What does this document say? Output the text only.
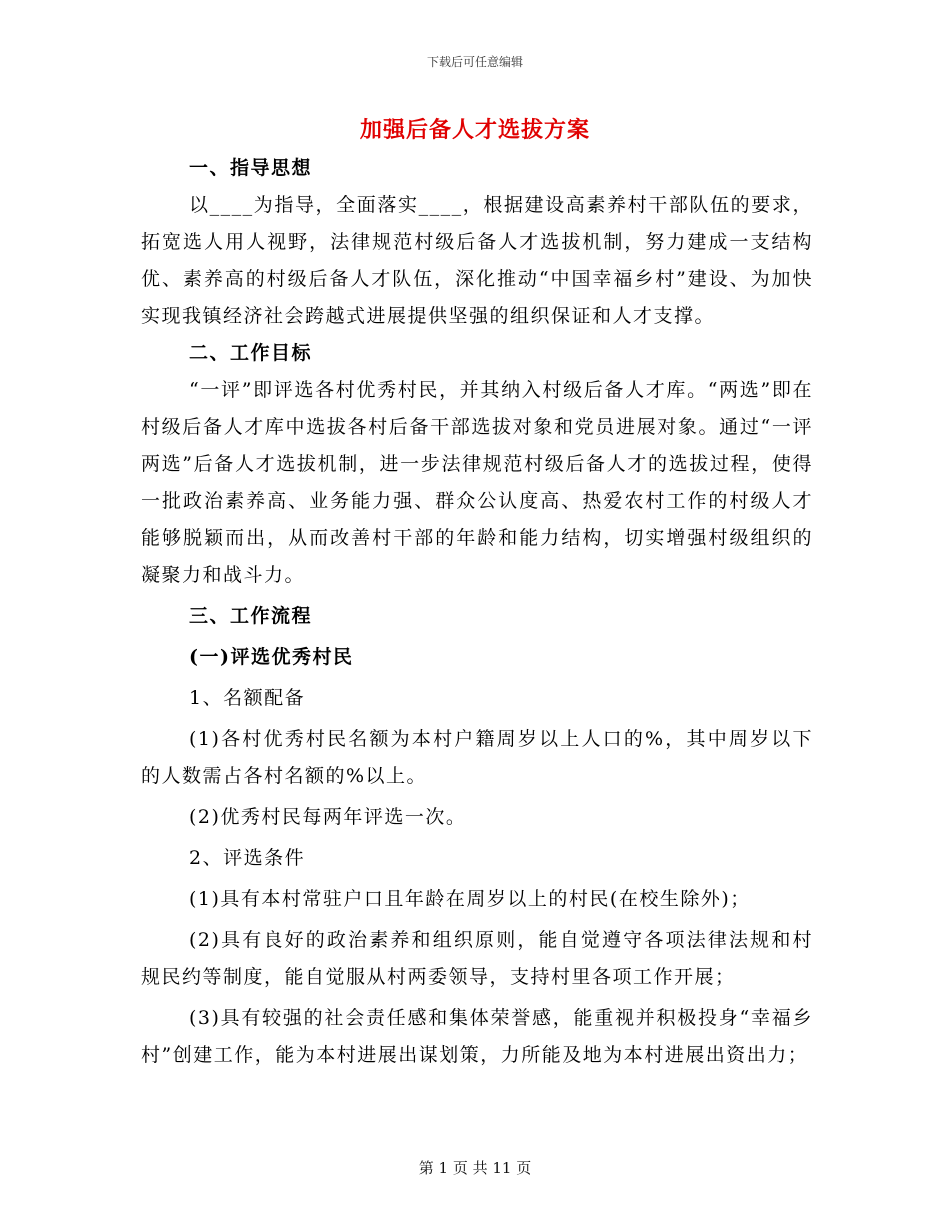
下载后可任意编辑
加强后备人才选拔方案

一、指导思想

以____为指导，全面落实____，根据建设高素养村干部队伍的要求，拓宽选人用人视野，法律规范村级后备人才选拔机制，努力建成一支结构优、素养高的村级后备人才队伍，深化推动“中国幸福乡村”建设、为加快实现我镇经济社会跨越式进展提供坚强的组织保证和人才支撑。

二、工作目标

“一评”即评选各村优秀村民，并其纳入村级后备人才库。“两选”即在村级后备人才库中选拔各村后备干部选拔对象和党员进展对象。通过“一评两选”后备人才选拔机制，进一步法律规范村级后备人才的选拔过程，使得一批政治素养高、业务能力强、群众公认度高、热爱农村工作的村级人才能够脱颖而出，从而改善村干部的年龄和能力结构，切实增强村级组织的凝聚力和战斗力。

三、工作流程

(一)评选优秀村民

1、名额配备

(1)各村优秀村民名额为本村户籍周岁以上人口的%，其中周岁以下的人数需占各村名额的%以上。

(2)优秀村民每两年评选一次。

2、评选条件

(1)具有本村常驻户口且年龄在周岁以上的村民(在校生除外)；

(2)具有良好的政治素养和组织原则，能自觉遵守各项法律法规和村规民约等制度，能自觉服从村两委领导，支持村里各项工作开展；

(3)具有较强的社会责任感和集体荣誉感，能重视并积极投身“幸福乡村”创建工作，能为本村进展出谋划策，力所能及地为本村进展出资出力；

第 1 页 共 11 页
